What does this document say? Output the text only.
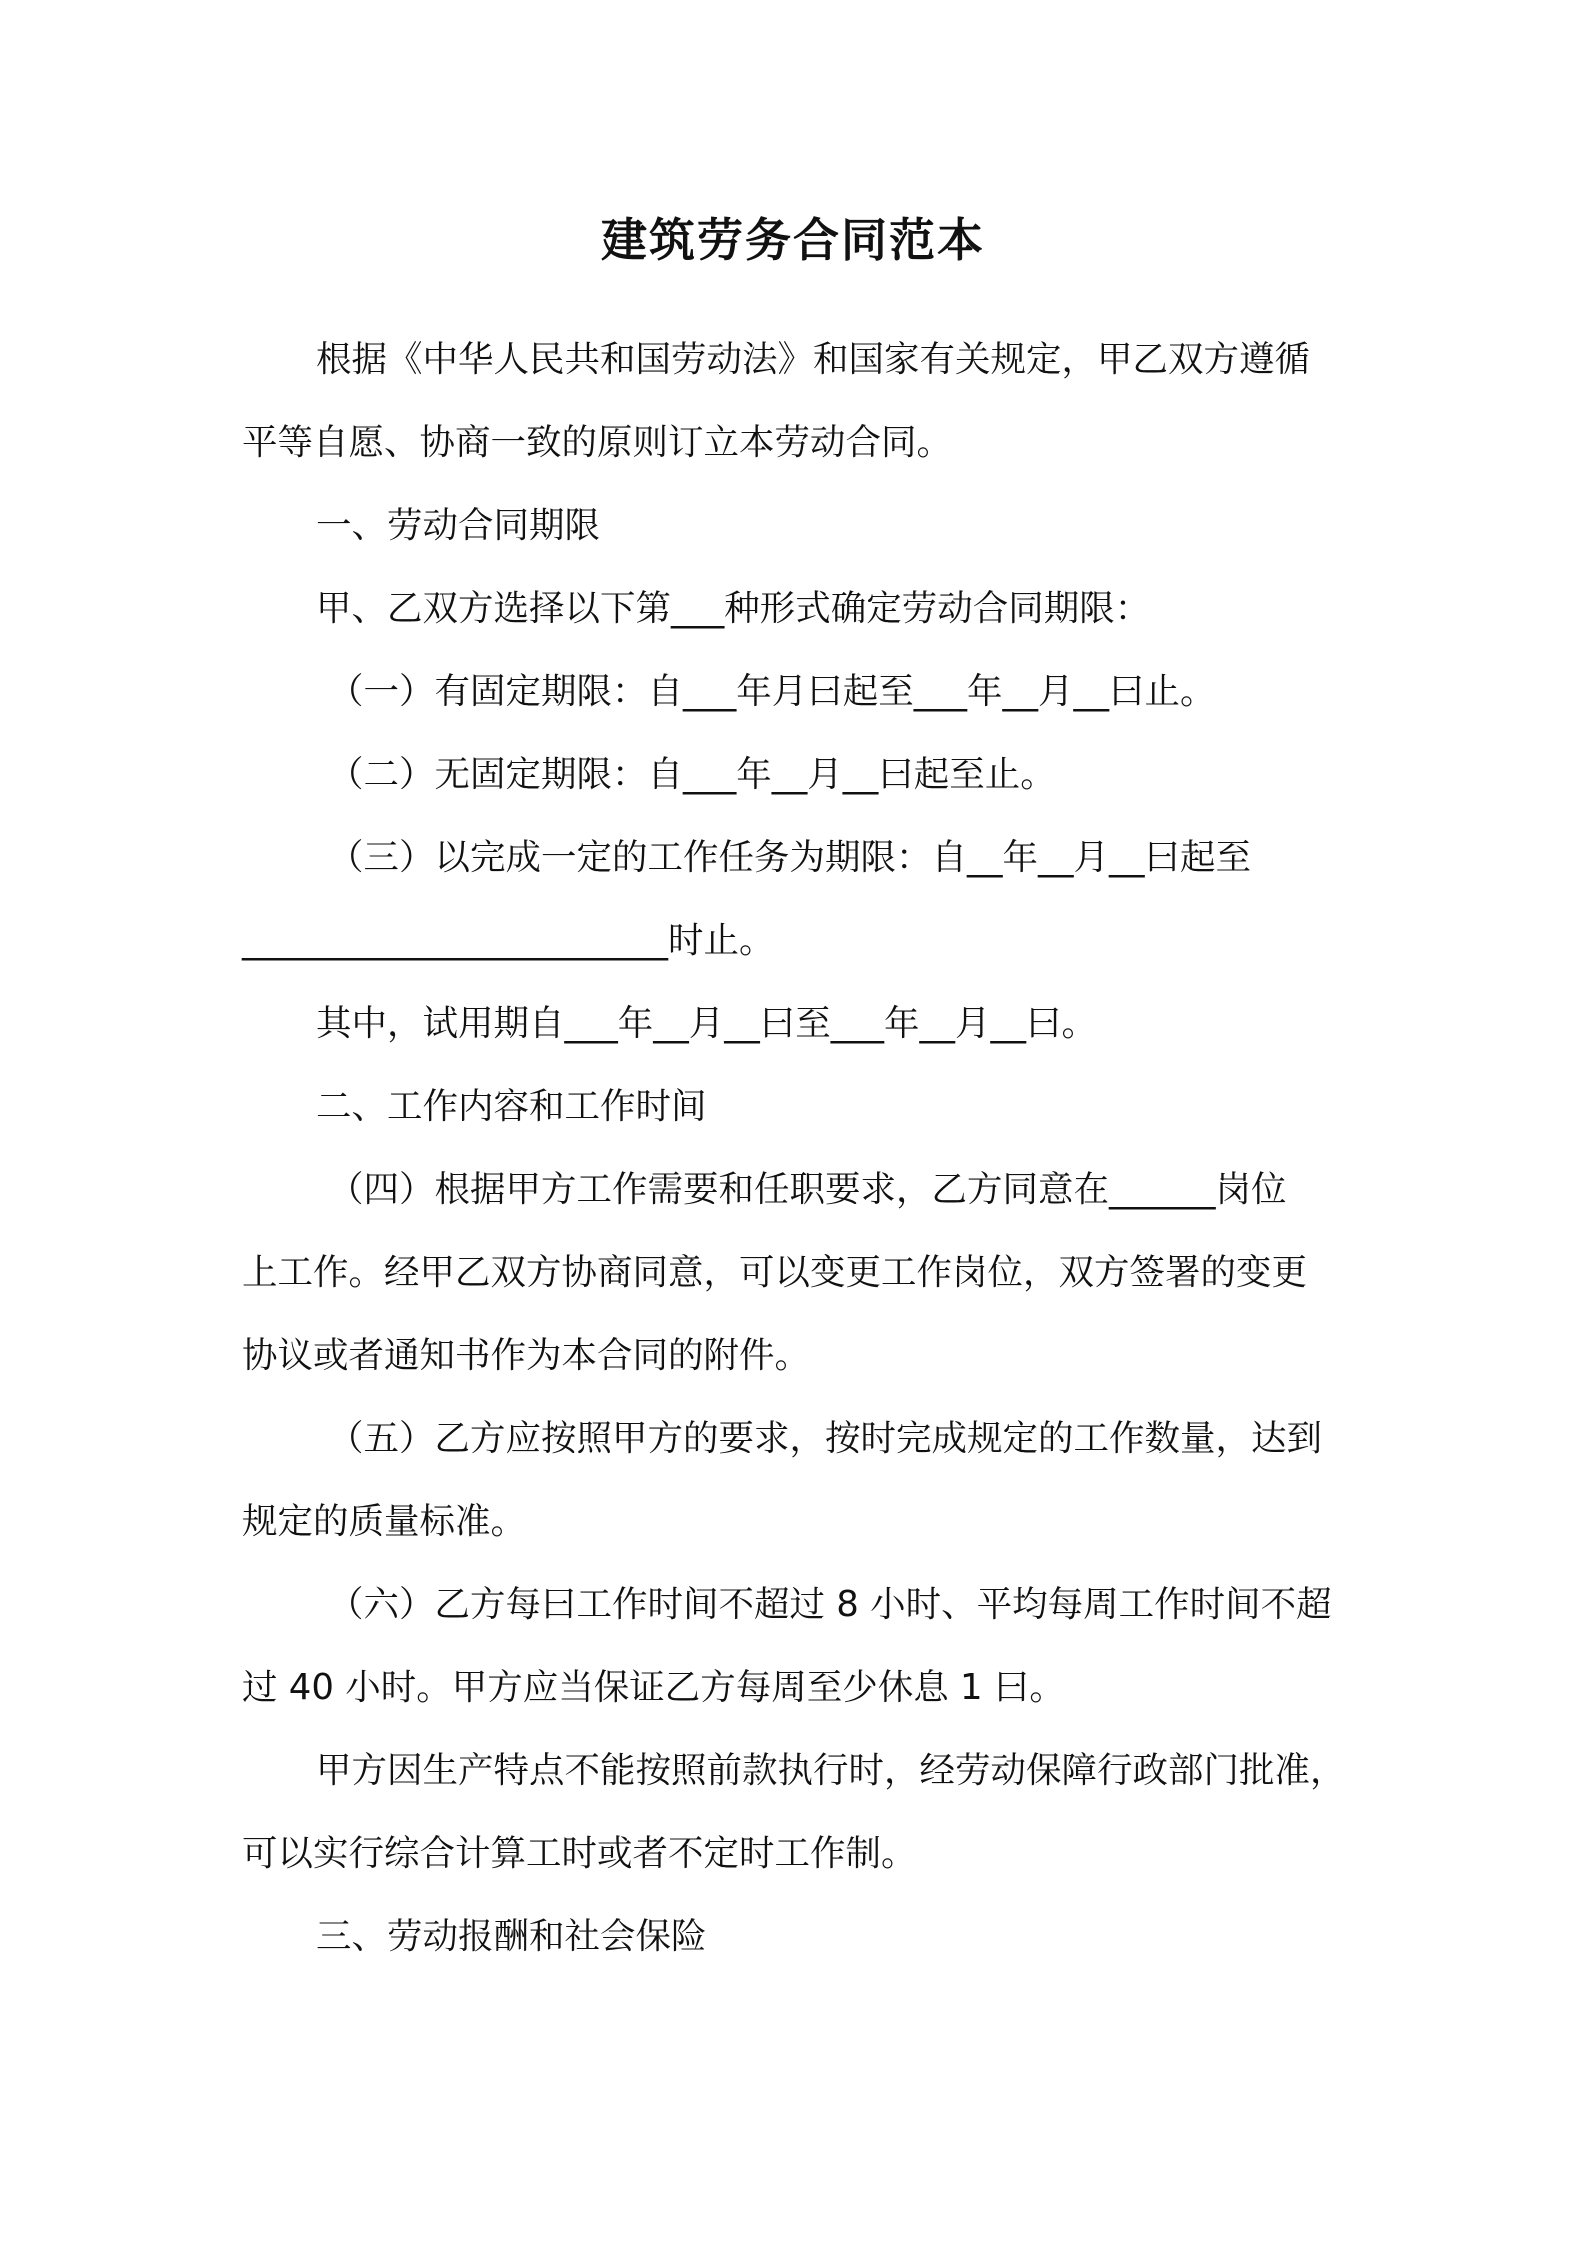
建筑劳务合同范本

根据《中华人民共和国劳动法》和国家有关规定，甲乙双方遵循

平等自愿、协商一致的原则订立本劳动合同。

一、劳动合同期限

甲、乙双方选择以下第___种形式确定劳动合同期限：

（一）有固定期限：自___年月曰起至___年__月__曰止。

（二）无固定期限：自___年__月__曰起至止。

（三）以完成一定的工作任务为期限：自__年__月__曰起至

________________________时止。

其中，试用期自___年__月__曰至___年__月__曰。

二、工作内容和工作时间

（四）根据甲方工作需要和任职要求，乙方同意在______岗位

上工作。经甲乙双方协商同意，可以变更工作岗位，双方签署的变更

协议或者通知书作为本合同的附件。

（五）乙方应按照甲方的要求，按时完成规定的工作数量，达到

规定的质量标准。

（六）乙方每曰工作时间不超过 8 小时、平均每周工作时间不超

过 40 小时。甲方应当保证乙方每周至少休息 1 曰。

甲方因生产特点不能按照前款执行时，经劳动保障行政部门批准，

可以实行综合计算工时或者不定时工作制。

三、劳动报酬和社会保险
